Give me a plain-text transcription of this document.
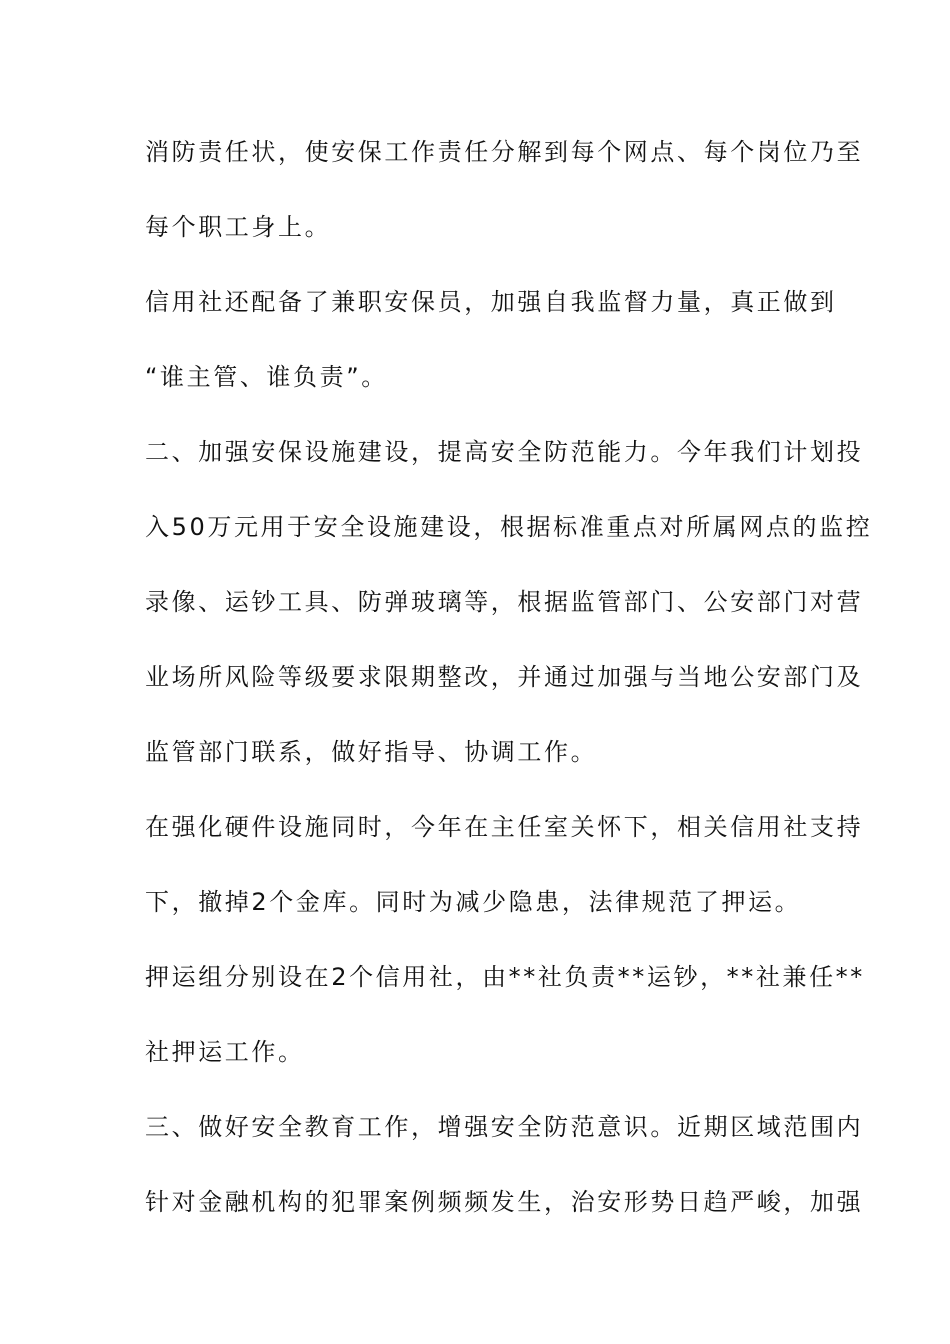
消防责任状，使安保工作责任分解到每个网点、每个岗位乃至
每个职工身上。
信用社还配备了兼职安保员，加强自我监督力量，真正做到
“谁主管、谁负责”。
二、加强安保设施建设，提高安全防范能力。今年我们计划投
入50万元用于安全设施建设，根据标准重点对所属网点的监控
录像、运钞工具、防弹玻璃等，根据监管部门、公安部门对营
业场所风险等级要求限期整改，并通过加强与当地公安部门及
监管部门联系，做好指导、协调工作。
在强化硬件设施同时，今年在主任室关怀下，相关信用社支持
下，撤掉2个金库。同时为减少隐患，法律规范了押运。
押运组分别设在2个信用社，由**社负责**运钞，**社兼任**
社押运工作。
三、做好安全教育工作，增强安全防范意识。近期区域范围内
针对金融机构的犯罪案例频频发生，治安形势日趋严峻，加强
